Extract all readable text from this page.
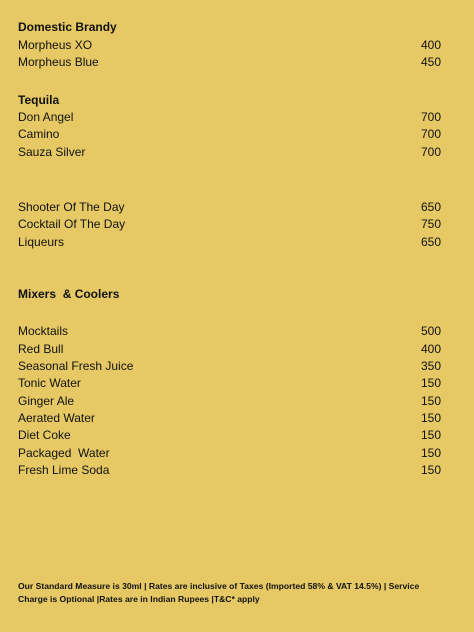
Domestic Brandy
Morpheus XO	400
Morpheus Blue	450
Tequila
Don Angel	700
Camino	700
Sauza Silver	700
Shooter Of The Day	650
Cocktail Of The Day	750
Liqueurs	650
Mixers  & Coolers
Mocktails	500
Red Bull	400
Seasonal Fresh Juice	350
Tonic Water	150
Ginger Ale	150
Aerated Water	150
Diet Coke	150
Packaged  Water	150
Fresh Lime Soda	150
Our Standard Measure is 30ml | Rates are inclusive of Taxes (Imported 58% & VAT 14.5%) | Service
Charge is Optional |Rates are in Indian Rupees |T&C* apply
